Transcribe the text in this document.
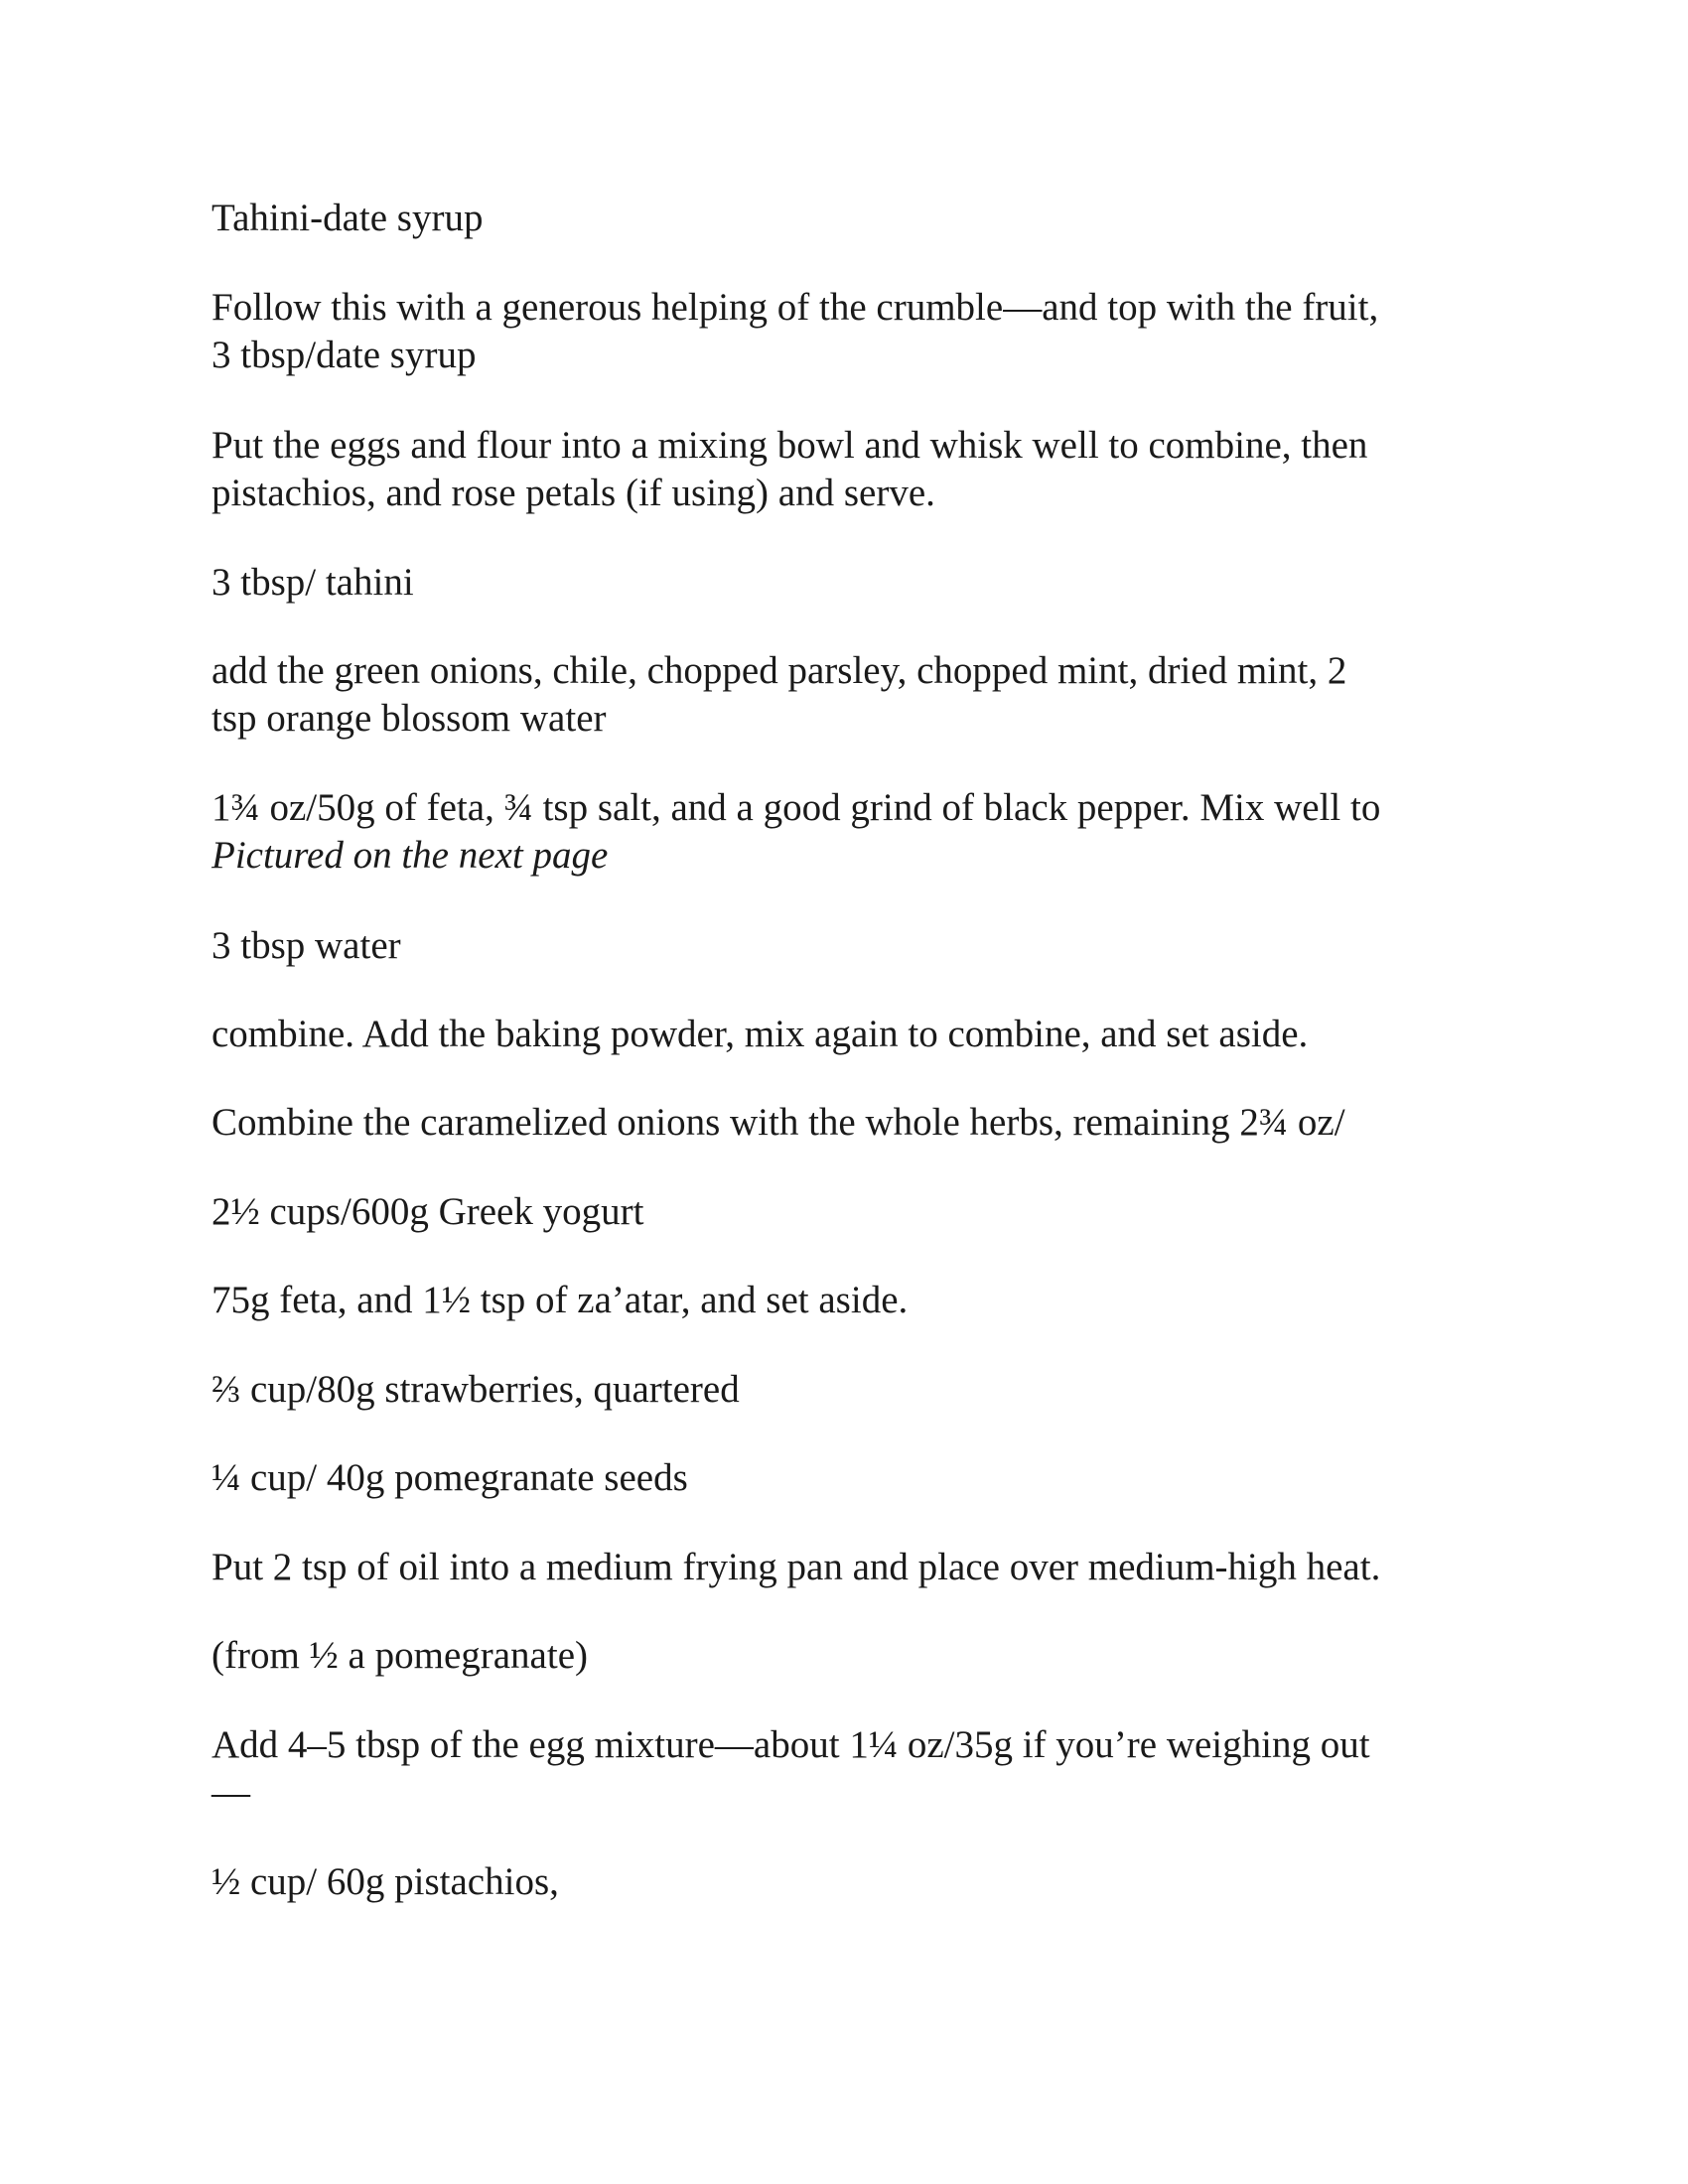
Tahini-date syrup

Follow this with a generous helping of the crumble—and top with the fruit,
3 tbsp/date syrup

Put the eggs and flour into a mixing bowl and whisk well to combine, then
pistachios, and rose petals (if using) and serve.

3 tbsp/ tahini

add the green onions, chile, chopped parsley, chopped mint, dried mint, 2
tsp orange blossom water

1¾ oz/50g of feta, ¾ tsp salt, and a good grind of black pepper. Mix well to
Pictured on the next page

3 tbsp water

combine. Add the baking powder, mix again to combine, and set aside.

Combine the caramelized onions with the whole herbs, remaining 2¾ oz/

2½ cups/600g Greek yogurt

75g feta, and 1½ tsp of za’atar, and set aside.

⅔ cup/80g strawberries, quartered

¼ cup/ 40g pomegranate seeds

Put 2 tsp of oil into a medium frying pan and place over medium-high heat.

(from ½ a pomegranate)

Add 4–5 tbsp of the egg mixture—about 1¼ oz/35g if you’re weighing out
—

½ cup/ 60g pistachios,
